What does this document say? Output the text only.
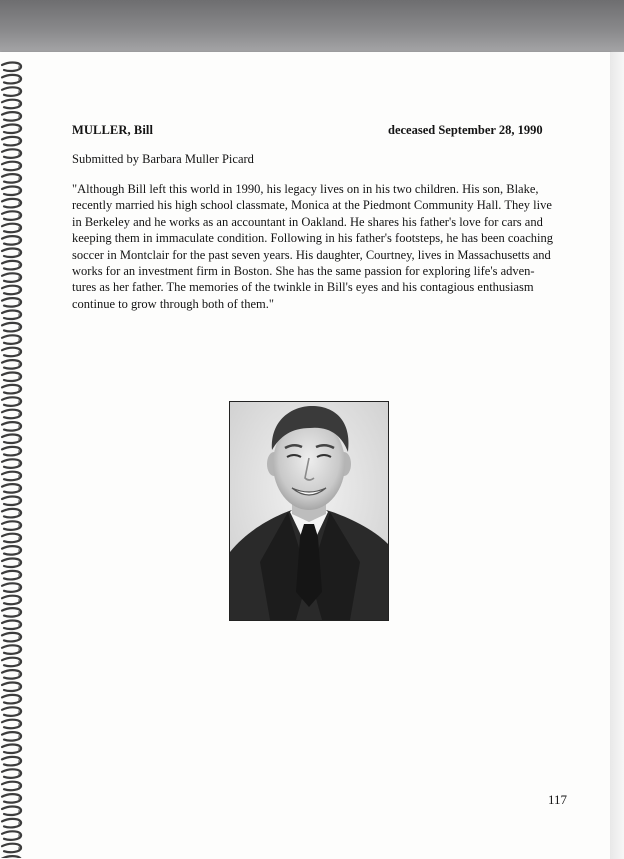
MULLER, Bill	deceased September 28, 1990
Submitted by Barbara Muller Picard
"Although Bill left this world in 1990, his legacy lives on in his two children. His son, Blake,
recently married his high school classmate, Monica at the Piedmont Community Hall. They live
in Berkeley and he works as an accountant in Oakland. He shares his father's love for cars and
keeping them in immaculate condition. Following in his father's footsteps, he has been coaching
soccer in Montclair for the past seven years. His daughter, Courtney, lives in Massachusetts and
works for an investment firm in Boston. She has the same passion for exploring life's adven-
tures as her father. The memories of the twinkle in Bill's eyes and his contagious enthusiasm
continue to grow through both of them."
117
